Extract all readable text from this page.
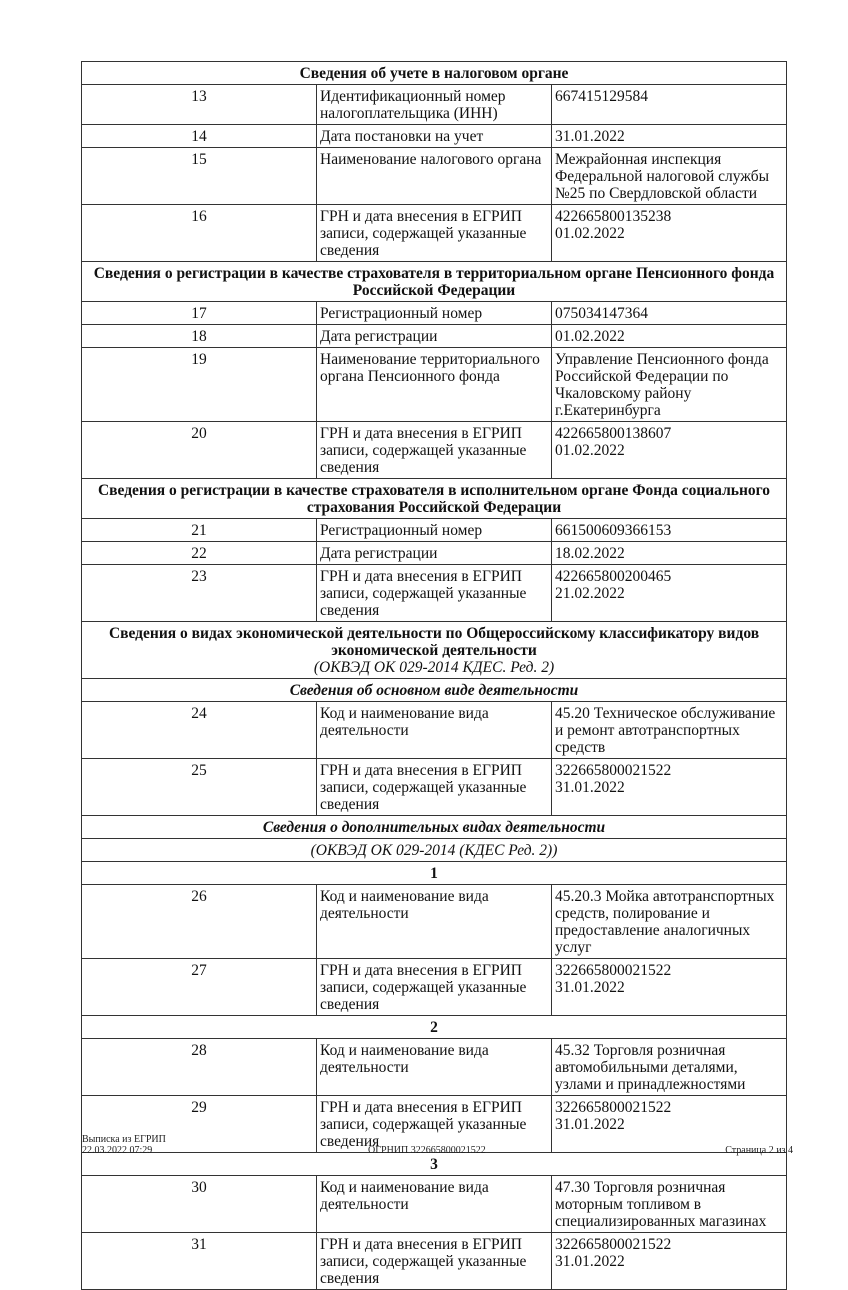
Сведения об учете в налоговом органе		
13	Идентификационный номер налогоплательщика (ИНН)	667415129584

14	Дата постановки на учет	31.01.2022

15	Наименование налогового органа	Межрайонная инспекция Федеральной налоговой службы №25 по Свердловской области

16	ГРН и дата внесения в ЕГРИП записи, содержащей указанные сведения	422665800135238
01.02.2022

Сведения о регистрации в качестве страхователя в территориальном органе Пенсионного фонда Российской Федерации		
17	Регистрационный номер	075034147364

18	Дата регистрации	01.02.2022

19	Наименование территориального органа Пенсионного фонда	Управление Пенсионного фонда Российской Федерации по Чкаловскому району г.Екатеринбурга

20	ГРН и дата внесения в ЕГРИП записи, содержащей указанные сведения	422665800138607
01.02.2022

Сведения о регистрации в качестве страхователя в исполнительном органе Фонда социального страхования Российской Федерации		
21	Регистрационный номер	661500609366153

22	Дата регистрации	18.02.2022

23	ГРН и дата внесения в ЕГРИП записи, содержащей указанные сведения	422665800200465
21.02.2022

Сведения о видах экономической деятельности по Общероссийскому классификатору видов экономической деятельности
(ОКВЭД ОК 029-2014 КДЕС. Ред. 2)		

Сведения об основном виде деятельности		
24	Код и наименование вида деятельности	45.20 Техническое обслуживание и ремонт автотранспортных средств

25	ГРН и дата внесения в ЕГРИП записи, содержащей указанные сведения	322665800021522
31.01.2022

Сведения о дополнительных видах деятельности		
(ОКВЭД ОК 029-2014 (КДЕС Ред. 2))		
1		
26	Код и наименование вида деятельности	45.20.3 Мойка автотранспортных средств, полирование и предоставление аналогичных услуг

27	ГРН и дата внесения в ЕГРИП записи, содержащей указанные сведения	322665800021522
31.01.2022

2		
28	Код и наименование вида деятельности	45.32 Торговля розничная автомобильными деталями, узлами и принадлежностями

29	ГРН и дата внесения в ЕГРИП записи, содержащей указанные сведения	322665800021522
31.01.2022

3		
30	Код и наименование вида деятельности	47.30 Торговля розничная моторным топливом в специализированных магазинах

31	ГРН и дата внесения в ЕГРИП записи, содержащей указанные сведения	322665800021522
31.01.2022
Выписка из ЕГРИП
22.03.2022 07:29	ОГРНИП 322665800021522	Страница 2 из 4
